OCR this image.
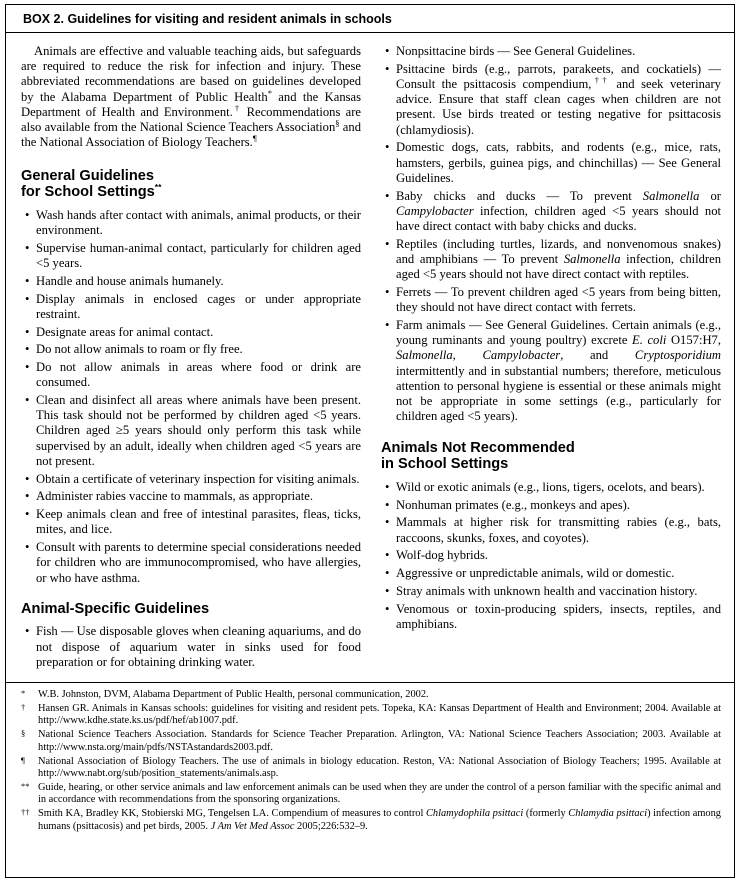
BOX 2. Guidelines for visiting and resident animals in schools

Animals are effective and valuable teaching aids, but safeguards are required to reduce the risk for infection and injury. These abbreviated recommendations are based on guidelines developed by the Alabama Department of Public Health* and the Kansas Department of Health and Environment.† Recommendations are also available from the National Science Teachers Association§ and the National Association of Biology Teachers.¶

General Guidelines
for School Settings**
• Wash hands after contact with animals, animal products, or their environment.
• Supervise human-animal contact, particularly for children aged <5 years.
• Handle and house animals humanely.
• Display animals in enclosed cages or under appropriate restraint.
• Designate areas for animal contact.
• Do not allow animals to roam or fly free.
• Do not allow animals in areas where food or drink are consumed.
• Clean and disinfect all areas where animals have been present. This task should not be performed by children aged <5 years. Children aged ≥5 years should only perform this task while supervised by an adult, ideally when children aged <5 years are not present.
• Obtain a certificate of veterinary inspection for visiting animals.
• Administer rabies vaccine to mammals, as appropriate.
• Keep animals clean and free of intestinal parasites, fleas, ticks, mites, and lice.
• Consult with parents to determine special considerations needed for children who are immunocompromised, who have allergies, or who have asthma.
Animal-Specific Guidelines
• Fish — Use disposable gloves when cleaning aquariums, and do not dispose of aquarium water in sinks used for food preparation or for obtaining drinking water.
• Nonpsittacine birds — See General Guidelines.
• Psittacine birds (e.g., parrots, parakeets, and cockatiels) — Consult the psittacosis compendium,†† and seek veterinary advice. Ensure that staff clean cages when children are not present. Use birds treated or testing negative for psittacosis (chlamydiosis).
• Domestic dogs, cats, rabbits, and rodents (e.g., mice, rats, hamsters, gerbils, guinea pigs, and chinchillas) — See General Guidelines.
• Baby chicks and ducks — To prevent Salmonella or Campylobacter infection, children aged <5 years should not have direct contact with baby chicks and ducks.
• Reptiles (including turtles, lizards, and nonvenomous snakes) and amphibians — To prevent Salmonella infection, children aged <5 years should not have direct contact with reptiles.
• Ferrets — To prevent children aged <5 years from being bitten, they should not have direct contact with ferrets.
• Farm animals — See General Guidelines. Certain animals (e.g., young ruminants and young poultry) excrete E. coli O157:H7, Salmonella, Campylobacter, and Cryptosporidium intermittently and in substantial numbers; therefore, meticulous attention to personal hygiene is essential or these animals might not be appropriate in some settings (e.g., particularly for children aged <5 years).
Animals Not Recommended
in School Settings
• Wild or exotic animals (e.g., lions, tigers, ocelots, and bears).
• Nonhuman primates (e.g., monkeys and apes).
• Mammals at higher risk for transmitting rabies (e.g., bats, raccoons, skunks, foxes, and coyotes).
• Wolf-dog hybrids.
• Aggressive or unpredictable animals, wild or domestic.
• Stray animals with unknown health and vaccination history.
• Venomous or toxin-producing spiders, insects, reptiles, and amphibians.
*	W.B. Johnston, DVM, Alabama Department of Public Health, personal communication, 2002.
†	Hansen GR. Animals in Kansas schools: guidelines for visiting and resident pets. Topeka, KA: Kansas Department of Health and Environment; 2004. Available at http://www.kdhe.state.ks.us/pdf/hef/ab1007.pdf.
§	National Science Teachers Association. Standards for Science Teacher Preparation. Arlington, VA: National Science Teachers Association; 2003. Available at http://www.nsta.org/main/pdfs/NSTAstandards2003.pdf.
¶	National Association of Biology Teachers. The use of animals in biology education. Reston, VA: National Association of Biology Teachers; 1995. Available at http://www.nabt.org/sub/position_statements/animals.asp.
** Guide, hearing, or other service animals and law enforcement animals can be used when they are under the control of a person familiar with the specific animal and in accordance with recommendations from the sponsoring organizations.
†† Smith KA, Bradley KK, Stobierski MG, Tengelsen LA. Compendium of measures to control Chlamydophila psittaci (formerly Chlamydia psittaci) infection among humans (psittacosis) and pet birds, 2005. J Am Vet Med Assoc 2005;226:532–9.
